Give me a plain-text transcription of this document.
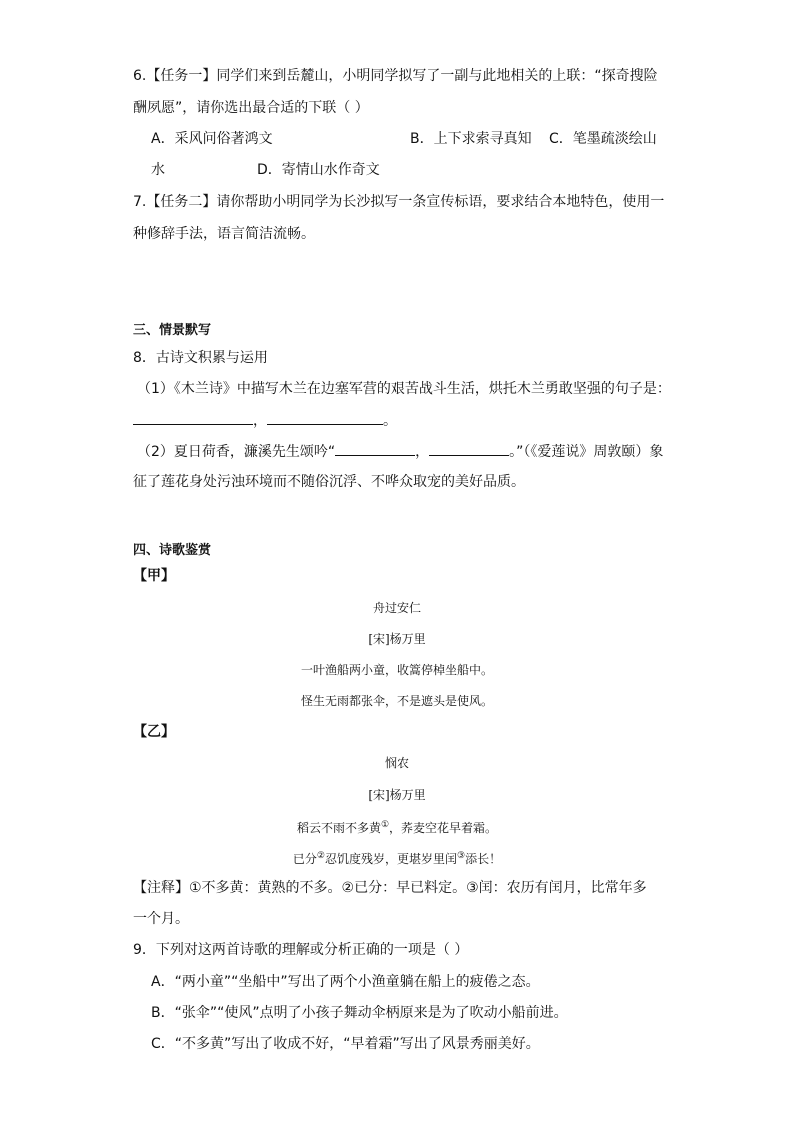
6.【任务一】同学们来到岳麓山，小明同学拟写了一副与此地相关的上联：“探奇搜险
酬夙愿”，请你选出最合适的下联（ ）
A．采风问俗著鸿文	B．上下求索寻真知 C．笔墨疏淡绘山
水	D．寄情山水作奇文
7.【任务二】请你帮助小明同学为长沙拟写一条宣传标语，要求结合本地特色，使用一
种修辞手法，语言简洁流畅。
三、情景默写
8．古诗文积累与运用
（1）《木兰诗》中描写木兰在边塞军营的艰苦战斗生活，烘托木兰勇敢坚强的句子是：
，	。
（2）夏日荷香，濂溪先生颂吟“	，	。”（《爱莲说》周敦颐）象
征了莲花身处污浊环境而不随俗沉浮、不哗众取宠的美好品质。
四、诗歌鉴赏
【甲】
舟过安仁
[宋]杨万里
一叶渔船两小童，收篙停棹坐船中。
怪生无雨都张伞，不是遮头是使风。
【乙】
悯农
[宋]杨万里
稻云不雨不多黄①，荞麦空花早着霜。
已分②忍饥度残岁，更堪岁里闰③添长！
【注释】①不多黄：黄熟的不多。②已分：早已料定。③闰：农历有闰月，比常年多
一个月。
9．下列对这两首诗歌的理解或分析正确的一项是（ ）
A．“两小童”“坐船中”写出了两个小渔童躺在船上的疲倦之态。
B．“张伞”“使风”点明了小孩子舞动伞柄原来是为了吹动小船前进。
C．“不多黄”写出了收成不好，“早着霜”写出了风景秀丽美好。
